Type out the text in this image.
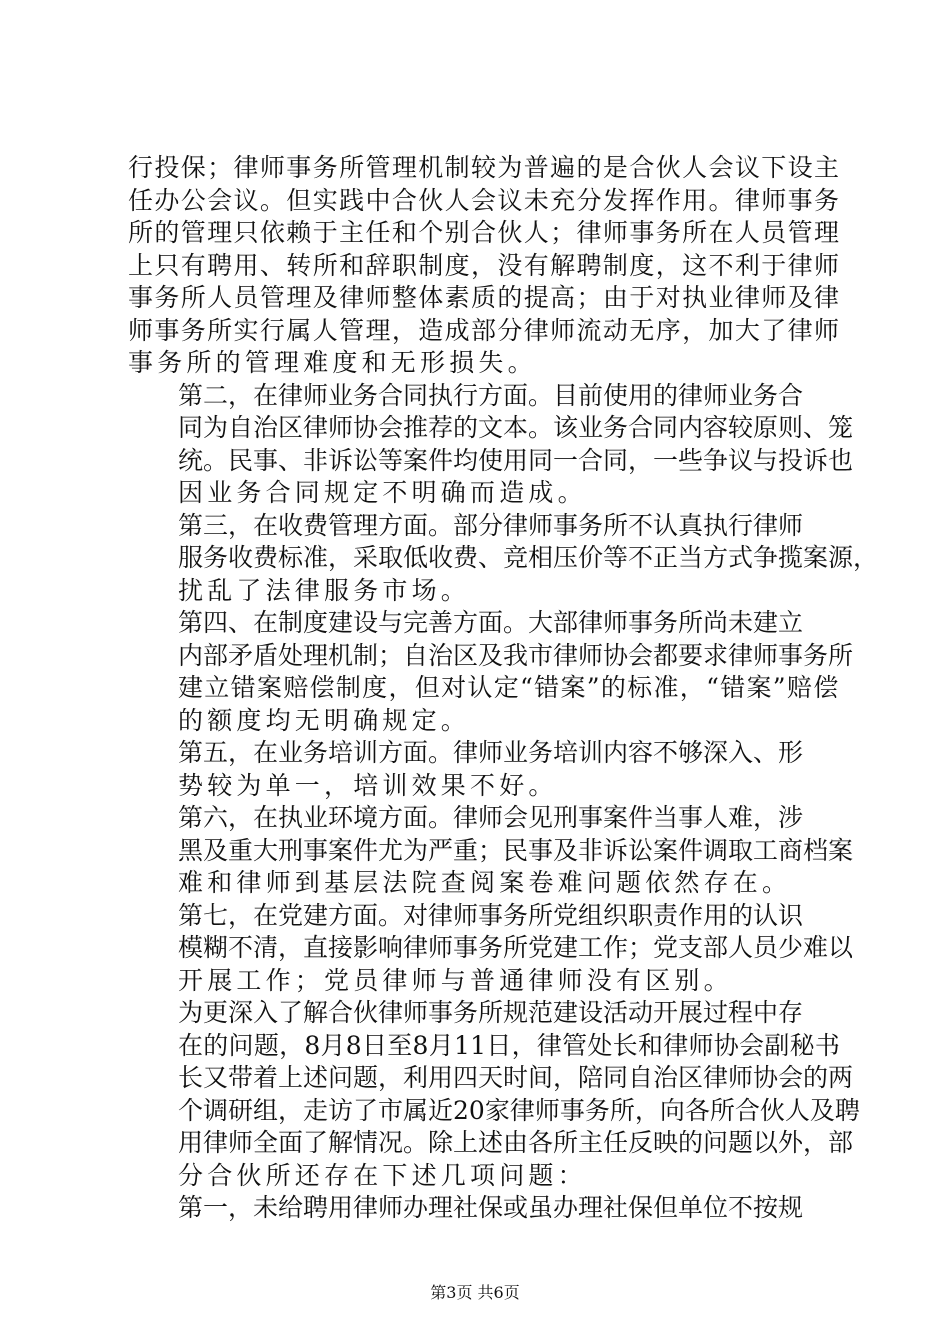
行投保；律师事务所管理机制较为普遍的是合伙人会议下设主
任办公会议。但实践中合伙人会议未充分发挥作用。律师事务
所的管理只依赖于主任和个别合伙人；律师事务所在人员管理
上只有聘用、转所和辞职制度，没有解聘制度，这不利于律师
事务所人员管理及律师整体素质的提高；由于对执业律师及律
师事务所实行属人管理，造成部分律师流动无序，加大了律师
事务所的管理难度和无形损失。

第二，在律师业务合同执行方面。目前使用的律师业务合
同为自治区律师协会推荐的文本。该业务合同内容较原则、笼
统。民事、非诉讼等案件均使用同一合同，一些争议与投诉也
因业务合同规定不明确而造成。

第三，在收费管理方面。部分律师事务所不认真执行律师
服务收费标准，采取低收费、竞相压价等不正当方式争揽案源，
扰乱了法律服务市场。

第四、在制度建设与完善方面。大部律师事务所尚未建立
内部矛盾处理机制；自治区及我市律师协会都要求律师事务所
建立错案赔偿制度，但对认定“错案”的标准，“错案”赔偿
的额度均无明确规定。

第五，在业务培训方面。律师业务培训内容不够深入、形
势较为单一，培训效果不好。

第六，在执业环境方面。律师会见刑事案件当事人难，涉
黑及重大刑事案件尤为严重；民事及非诉讼案件调取工商档案
难和律师到基层法院查阅案卷难问题依然存在。

第七，在党建方面。对律师事务所党组织职责作用的认识
模糊不清，直接影响律师事务所党建工作；党支部人员少难以
开展工作；党员律师与普通律师没有区别。

为更深入了解合伙律师事务所规范建设活动开展过程中存
在的问题，8月8日至8月11日，律管处长和律师协会副秘书
长又带着上述问题，利用四天时间，陪同自治区律师协会的两
个调研组，走访了市属近20家律师事务所，向各所合伙人及聘
用律师全面了解情况。除上述由各所主任反映的问题以外，部
分合伙所还存在下述几项问题：

第一，未给聘用律师办理社保或虽办理社保但单位不按规

第3页 共6页
